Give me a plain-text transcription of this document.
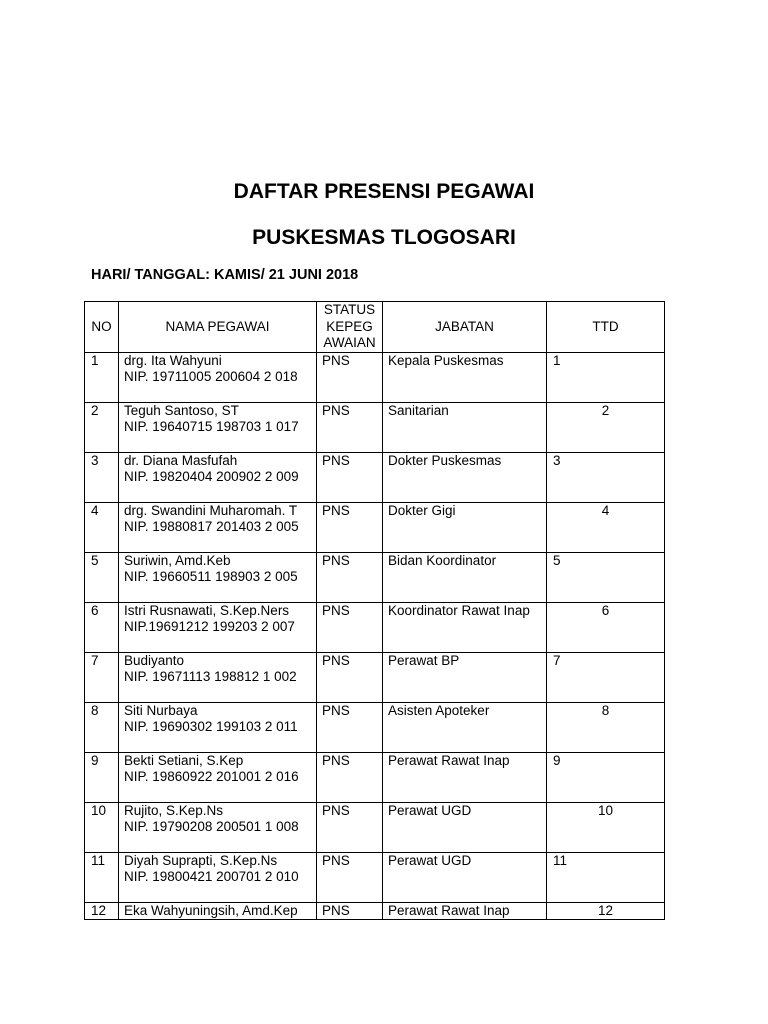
DAFTAR PRESENSI PEGAWAI
PUSKESMAS TLOGOSARI

HARI/ TANGGAL: KAMIS/ 21 JUNI 2018

NO	NAMA PEGAWAI	STATUS
KEPEG
AWAIAN	JABATAN	TTD

1	drg. Ita Wahyuni
NIP. 19711005 200604 2 018	PNS	Kepala Puskesmas	1

2	Teguh Santoso, ST
NIP. 19640715 198703 1 017	PNS	Sanitarian	2

3	dr. Diana Masfufah
NIP. 19820404 200902 2 009	PNS	Dokter Puskesmas	3

4	drg. Swandini Muharomah. T
NIP. 19880817 201403 2 005	PNS	Dokter Gigi	4

5	Suriwin, Amd.Keb
NIP. 19660511 198903 2 005	PNS	Bidan Koordinator	5

6	Istri Rusnawati, S.Kep.Ners
NIP.19691212 199203 2 007	PNS	Koordinator Rawat Inap	6

7	Budiyanto
NIP. 19671113 198812 1 002	PNS	Perawat BP	7

8	Siti Nurbaya
NIP. 19690302 199103 2 011	PNS	Asisten Apoteker	8

9	Bekti Setiani, S.Kep
NIP. 19860922 201001 2 016	PNS	Perawat Rawat Inap	9

10	Rujito, S.Kep.Ns
NIP. 19790208 200501 1 008	PNS	Perawat UGD	10

11	Diyah Suprapti, S.Kep.Ns
NIP. 19800421 200701 2 010	PNS	Perawat UGD	11

12	Eka Wahyuningsih, Amd.Kep	PNS	Perawat Rawat Inap	12
